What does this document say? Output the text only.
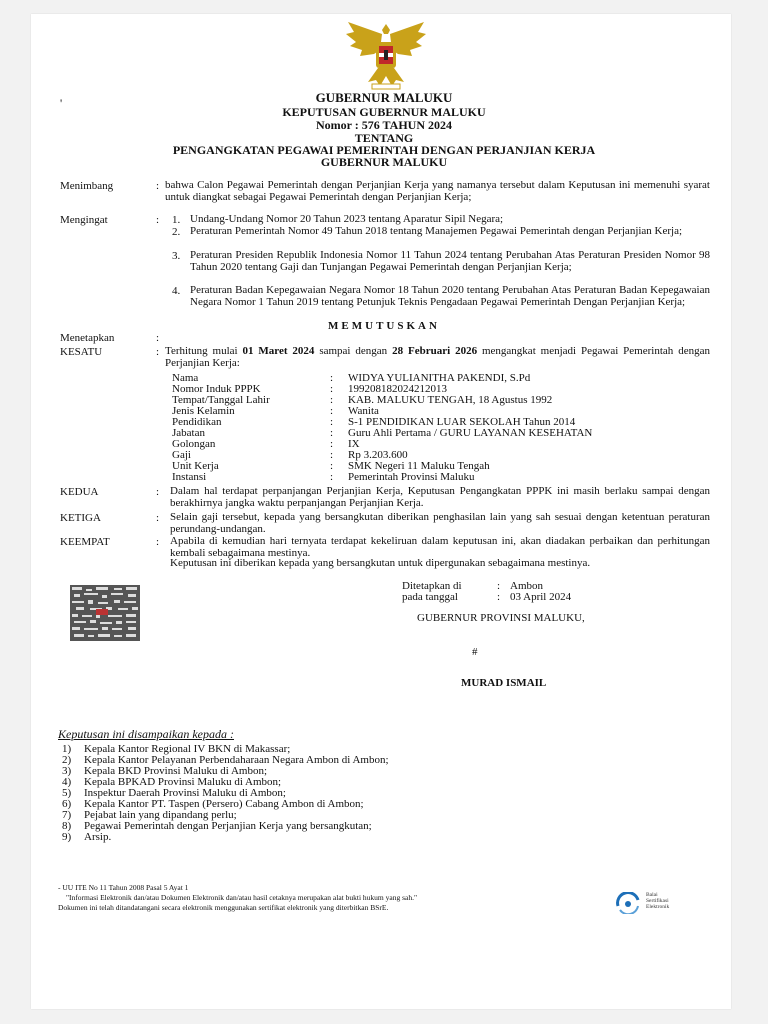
'	GUBERNUR MALUKU
KEPUTUSAN GUBERNUR MALUKU
Nomor : 576 TAHUN 2024
TENTANG
PENGANGKATAN PEGAWAI PEMERINTAH DENGAN PERJANJIAN KERJA
GUBERNUR MALUKU
Menimbang	: bahwa Calon Pegawai Pemerintah dengan Perjanjian Kerja yang namanya tersebut dalam Keputusan ini memenuhi syarat untuk diangkat sebagai Pegawai Pemerintah dengan Perjanjian Kerja;
Mengingat	: 1. Undang-Undang Nomor 20 Tahun 2023 tentang Aparatur Sipil Negara;
2. Peraturan Pemerintah Nomor 49 Tahun 2018 tentang Manajemen Pegawai Pemerintah dengan Perjanjian Kerja;
3. Peraturan Presiden Republik Indonesia Nomor 11 Tahun 2024 tentang Perubahan Atas Peraturan Presiden Nomor 98 Tahun 2020 tentang Gaji dan Tunjangan Pegawai Pemerintah dengan Perjanjian Kerja;
4. Peraturan Badan Kepegawaian Negara Nomor 18 Tahun 2020 tentang Perubahan Atas Peraturan Badan Kepegawaian Negara Nomor 1 Tahun 2019 tentang Petunjuk Teknis Pengadaan Pegawai Pemerintah Dengan Perjanjian Kerja;
MEMUTUSKAN
Menetapkan	:
KESATU	: Terhitung mulai 01 Maret 2024 sampai dengan 28 Februari 2026 mengangkat menjadi Pegawai Pemerintah dengan Perjanjian Kerja:
Nama	: WIDYA YULIANITHA PAKENDI, S.Pd
Nomor Induk PPPK	: 199208182024212013
Tempat/Tanggal Lahir	: KAB. MALUKU TENGAH, 18 Agustus 1992
Jenis Kelamin	: Wanita
Pendidikan	: S-1 PENDIDIKAN LUAR SEKOLAH Tahun 2014
Jabatan	: Guru Ahli Pertama / GURU LAYANAN KESEHATAN
Golongan	: IX
Gaji	: Rp 3.203.600
Unit Kerja	: SMK Negeri 11 Maluku Tengah
Instansi	: Pemerintah Provinsi Maluku
KEDUA	: Dalam hal terdapat perpanjangan Perjanjian Kerja, Keputusan Pengangkatan PPPK ini masih berlaku sampai dengan berakhirnya jangka waktu perpanjangan Perjanjian Kerja.
KETIGA	: Selain gaji tersebut, kepada yang bersangkutan diberikan penghasilan lain yang sah sesuai dengan ketentuan peraturan perundang-undangan.
KEEMPAT	: Apabila di kemudian hari ternyata terdapat kekeliruan dalam keputusan ini, akan diadakan perbaikan dan perhitungan kembali sebagaimana mestinya.
Keputusan ini diberikan kepada yang bersangkutan untuk dipergunakan sebagaimana mestinya.
Ditetapkan di	: Ambon
pada tanggal	: 03 April 2024
GUBERNUR PROVINSI MALUKU,
#
MURAD ISMAIL
Keputusan ini disampaikan kepada :
1) Kepala Kantor Regional IV BKN di Makassar;
2) Kepala Kantor Pelayanan Perbendaharaan Negara Ambon di Ambon;
3) Kepala BKD Provinsi Maluku di Ambon;
4) Kepala BPKAD Provinsi Maluku di Ambon;
5) Inspektur Daerah Provinsi Maluku di Ambon;
6) Kepala Kantor PT. Taspen (Persero) Cabang Ambon di Ambon;
7) Pejabat lain yang dipandang perlu;
8) Pegawai Pemerintah dengan Perjanjian Kerja yang bersangkutan;
9) Arsip.
- UU ITE No 11 Tahun 2008 Pasal 5 Ayat 1
"Informasi Elektronik dan/atau Dokumen Elektronik dan/atau hasil cetaknya merupakan alat bukti hukum yang sah."
Dokumen ini telah ditandatangani secara elektronik menggunakan sertifikat elektronik yang diterbitkan BSrE.
Balai
Sertifikasi
Elektronik
